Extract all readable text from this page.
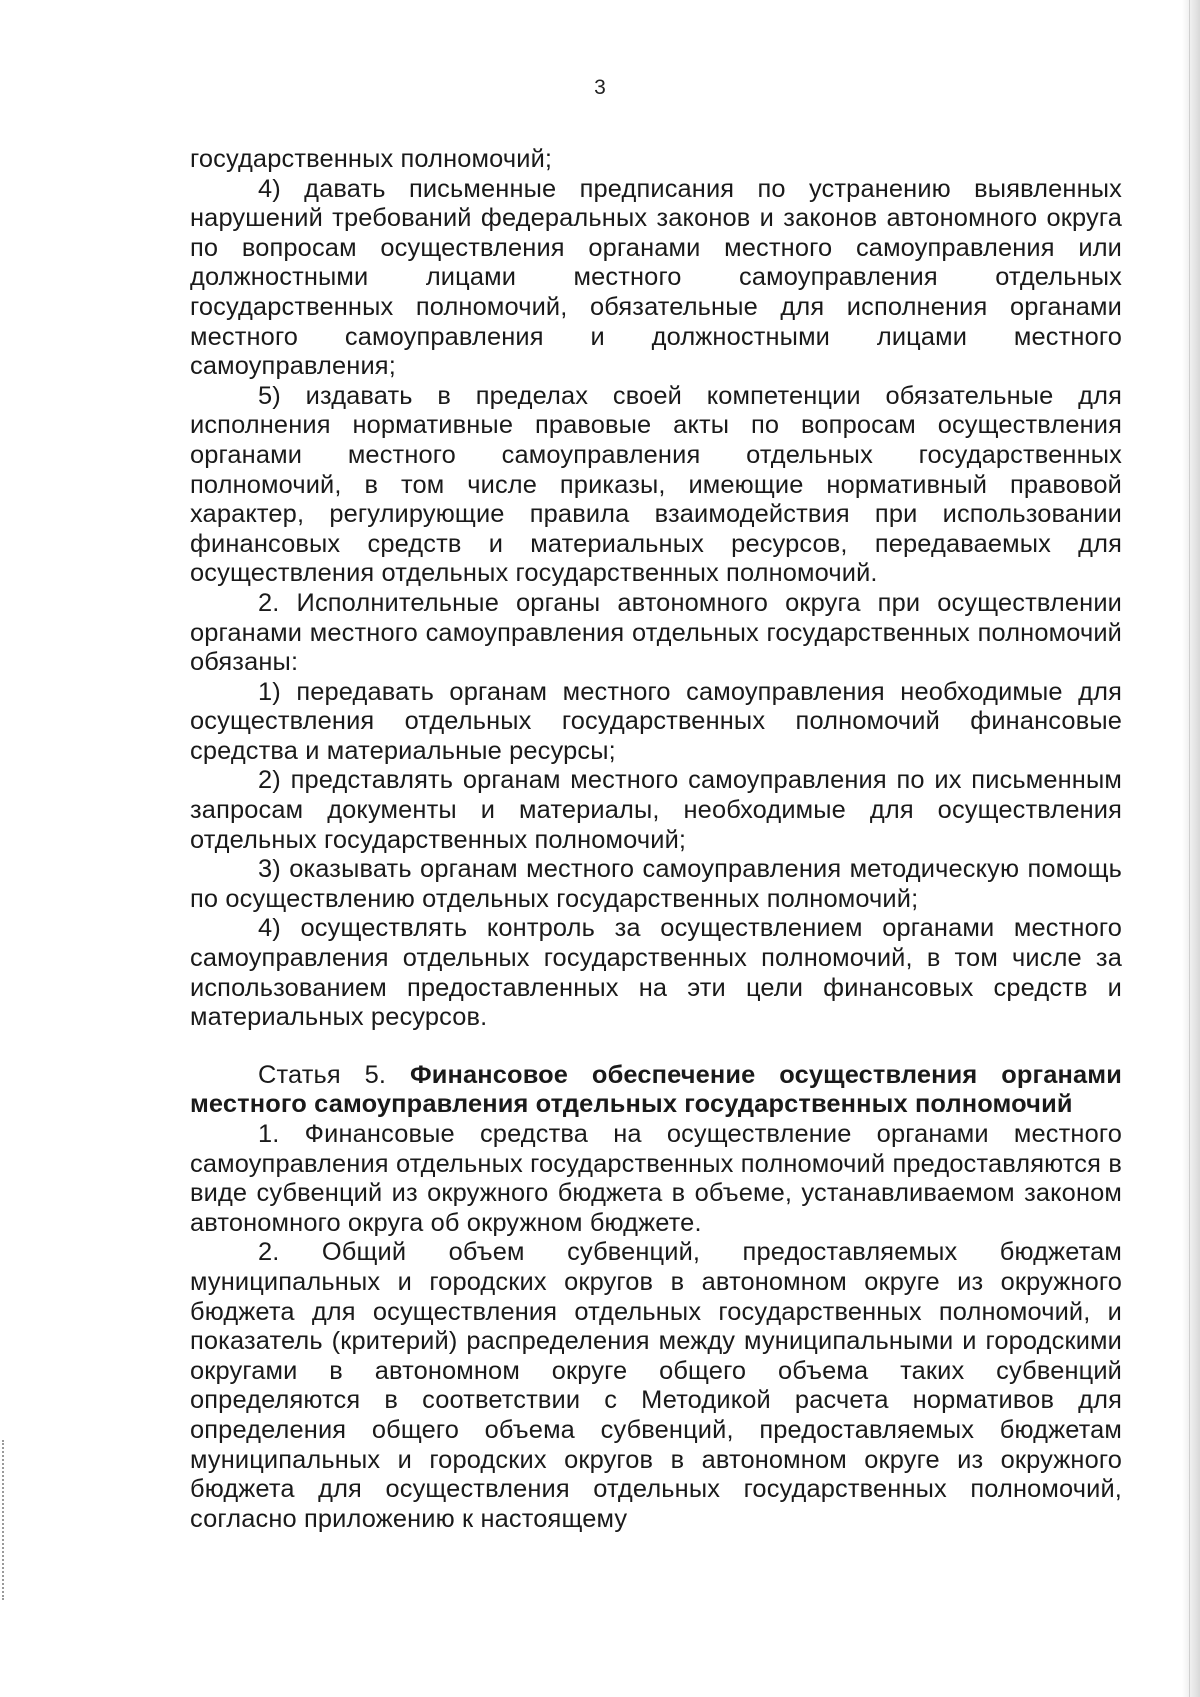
3

государственных полномочий;

4) давать письменные предписания по устранению выявленных нарушений требований федеральных законов и законов автономного округа по вопросам осуществления органами местного самоуправления или должностными лицами местного самоуправления отдельных государственных полномочий, обязательные для исполнения органами местного самоуправления и должностными лицами местного самоуправления;

5) издавать в пределах своей компетенции обязательные для исполнения нормативные правовые акты по вопросам осуществления органами местного самоуправления отдельных государственных полномочий, в том числе приказы, имеющие нормативный правовой характер, регулирующие правила взаимодействия при использовании финансовых средств и материальных ресурсов, передаваемых для осуществления отдельных государственных полномочий.

2. Исполнительные органы автономного округа при осуществлении органами местного самоуправления отдельных государственных полномочий обязаны:

1) передавать органам местного самоуправления необходимые для осуществления отдельных государственных полномочий финансовые средства и материальные ресурсы;

2) представлять органам местного самоуправления по их письменным запросам документы и материалы, необходимые для осуществления отдельных государственных полномочий;

3) оказывать органам местного самоуправления методическую помощь по осуществлению отдельных государственных полномочий;

4) осуществлять контроль за осуществлением органами местного самоуправления отдельных государственных полномочий, в том числе за использованием предоставленных на эти цели финансовых средств и материальных ресурсов.

Статья 5. Финансовое обеспечение осуществления органами местного самоуправления отдельных государственных полномочий

1. Финансовые средства на осуществление органами местного самоуправления отдельных государственных полномочий предоставляются в виде субвенций из окружного бюджета в объеме, устанавливаемом законом автономного округа об окружном бюджете.

2. Общий объем субвенций, предоставляемых бюджетам муниципальных и городских округов в автономном округе из окружного бюджета для осуществления отдельных государственных полномочий, и показатель (критерий) распределения между муниципальными и городскими округами в автономном округе общего объема таких субвенций определяются в соответствии с Методикой расчета нормативов для определения общего объема субвенций, предоставляемых бюджетам муниципальных и городских округов в автономном округе из окружного бюджета для осуществления отдельных государственных полномочий, согласно приложению к настоящему
